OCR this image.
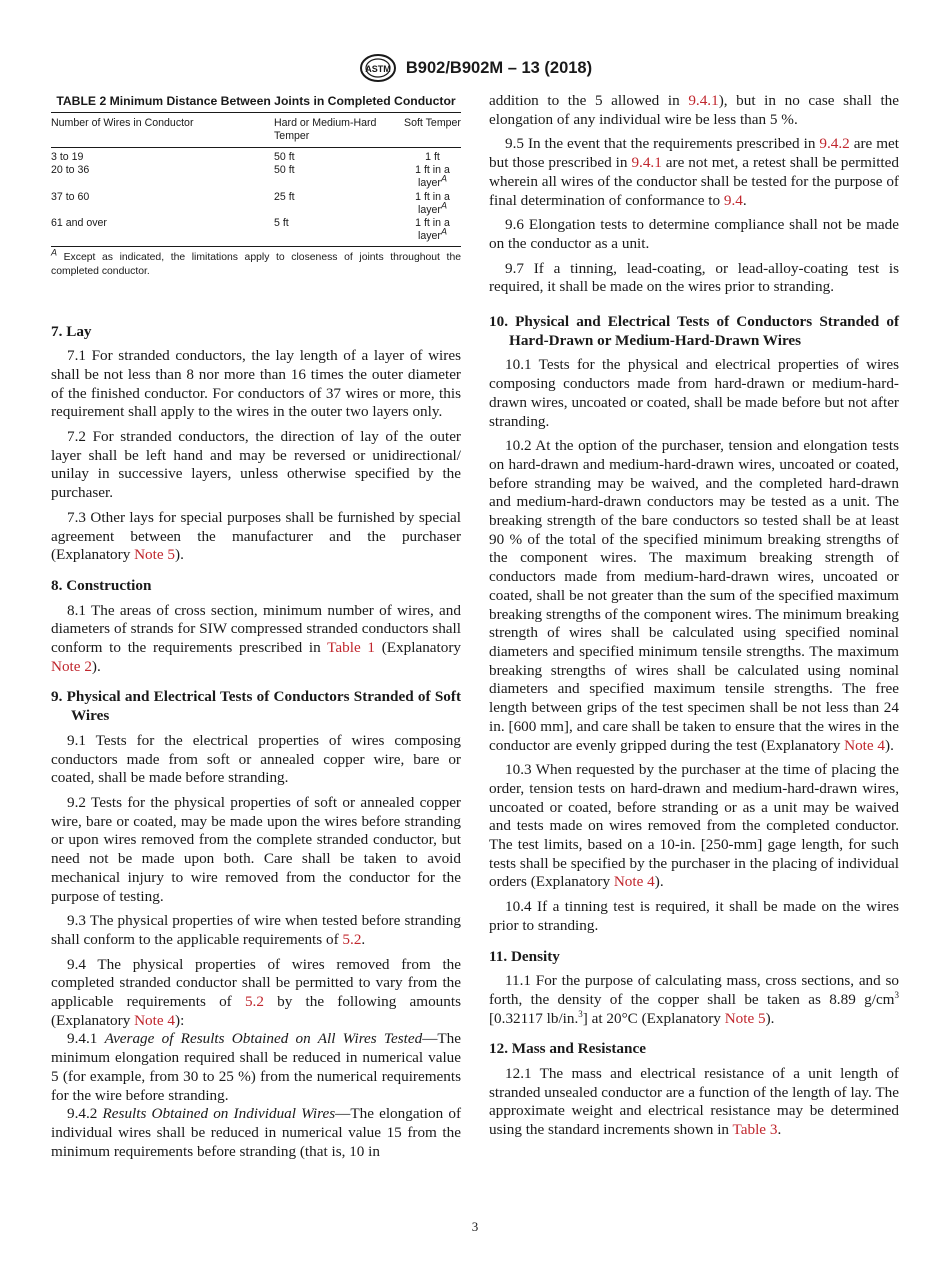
ASTM B902/B902M – 13 (2018)
TABLE 2 Minimum Distance Between Joints in Completed Conductor
Number of Wires in Conductor	Hard or Medium-Hard Temper	Soft Temper
3 to 19	50 ft	1 ft
20 to 36	50 ft	1 ft in a layer$^A$
37 to 60	25 ft	1 ft in a layer$^A$
61 and over	5 ft	1 ft in a layer$^A$
$^A$ Except as indicated, the limitations apply to closeness of joints throughout the completed conductor.
7. Lay

7.1 For stranded conductors, the lay length of a layer of wires shall be not less than 8 nor more than 16 times the outer diameter of the finished conductor. For conductors of 37 wires or more, this requirement shall apply to the wires in the outer two layers only.

7.2 For stranded conductors, the direction of lay of the outer layer shall be left hand and may be reversed or unidirectional/ unilay in successive layers, unless otherwise specified by the purchaser.

7.3 Other lays for special purposes shall be furnished by special agreement between the manufacturer and the purchaser (Explanatory Note 5).

8. Construction

8.1 The areas of cross section, minimum number of wires, and diameters of strands for SIW compressed stranded conductors shall conform to the requirements prescribed in Table 1 (Explanatory Note 2).

9. Physical and Electrical Tests of Conductors Stranded of Soft Wires

9.1 Tests for the electrical properties of wires composing conductors made from soft or annealed copper wire, bare or coated, shall be made before stranding.

9.2 Tests for the physical properties of soft or annealed copper wire, bare or coated, may be made upon the wires before stranding or upon wires removed from the complete stranded conductor, but need not be made upon both. Care shall be taken to avoid mechanical injury to wire removed from the conductor for the purpose of testing.

9.3 The physical properties of wire when tested before stranding shall conform to the applicable requirements of 5.2.

9.4 The physical properties of wires removed from the completed stranded conductor shall be permitted to vary from the applicable requirements of 5.2 by the following amounts (Explanatory Note 4):

9.4.1 Average of Results Obtained on All Wires Tested—The minimum elongation required shall be reduced in numerical value 5 (for example, from 30 to 25 %) from the numerical requirements for the wire before stranding.

9.4.2 Results Obtained on Individual Wires—The elongation of individual wires shall be reduced in numerical value 15 from the minimum requirements before stranding (that is, 10 in

addition to the 5 allowed in 9.4.1), but in no case shall the elongation of any individual wire be less than 5 %.

9.5 In the event that the requirements prescribed in 9.4.2 are met but those prescribed in 9.4.1 are not met, a retest shall be permitted wherein all wires of the conductor shall be tested for the purpose of final determination of conformance to 9.4.

9.6 Elongation tests to determine compliance shall not be made on the conductor as a unit.

9.7 If a tinning, lead-coating, or lead-alloy-coating test is required, it shall be made on the wires prior to stranding.

10. Physical and Electrical Tests of Conductors Stranded of Hard-Drawn or Medium-Hard-Drawn Wires

10.1 Tests for the physical and electrical properties of wires composing conductors made from hard-drawn or medium-hard-drawn wires, uncoated or coated, shall be made before but not after stranding.

10.2 At the option of the purchaser, tension and elongation tests on hard-drawn and medium-hard-drawn wires, uncoated or coated, before stranding may be waived, and the completed hard-drawn and medium-hard-drawn conductors may be tested as a unit. The breaking strength of the bare conductors so tested shall be at least 90 % of the total of the specified minimum breaking strengths of the component wires. The maximum breaking strength of conductors made from medium-hard-drawn wires, uncoated or coated, shall be not greater than the sum of the specified maximum breaking strengths of the component wires. The minimum breaking strength of wires shall be calculated using specified nominal diameters and specified minimum tensile strengths. The maximum breaking strengths of wires shall be calculated using nominal diameters and specified maximum tensile strengths. The free length between grips of the test specimen shall be not less than 24 in. [600 mm], and care shall be taken to ensure that the wires in the conductor are evenly gripped during the test (Explanatory Note 4).

10.3 When requested by the purchaser at the time of placing the order, tension tests on hard-drawn and medium-hard-drawn wires, uncoated or coated, before stranding or as a unit may be waived and tests made on wires removed from the completed conductor. The test limits, based on a 10-in. [250-mm] gage length, for such tests shall be specified by the purchaser in the placing of individual orders (Explanatory Note 4).

10.4 If a tinning test is required, it shall be made on the wires prior to stranding.

11. Density

11.1 For the purpose of calculating mass, cross sections, and so forth, the density of the copper shall be taken as 8.89 $g/cm^3$ [0.32117 lb/in.$^3$] at 20°C (Explanatory Note 5).

12. Mass and Resistance

12.1 The mass and electrical resistance of a unit length of stranded unsealed conductor are a function of the length of lay. The approximate weight and electrical resistance may be determined using the standard increments shown in Table 3.

3
